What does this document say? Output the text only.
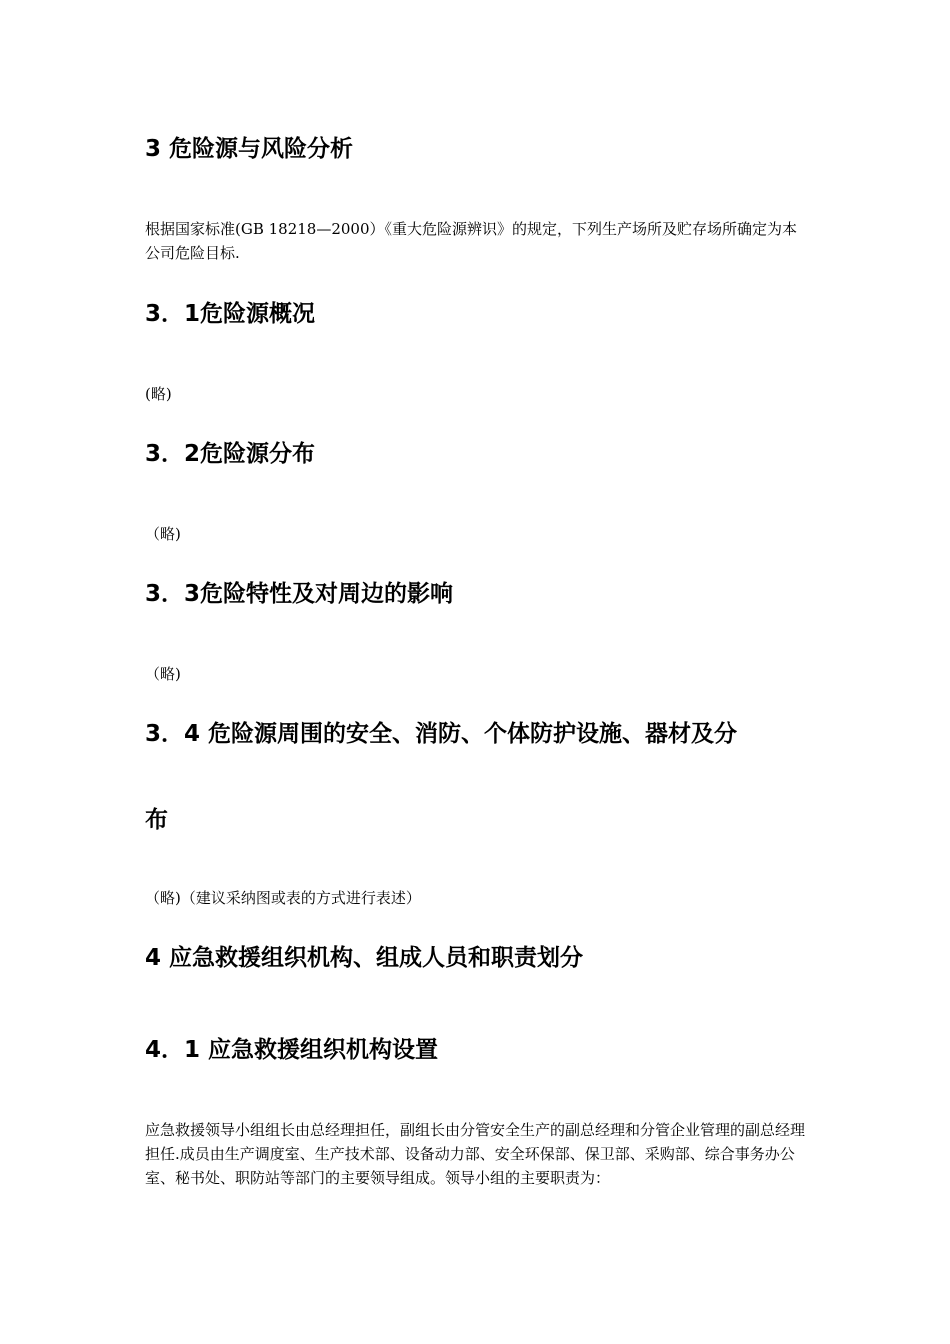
3 危险源与风险分析

根据国家标准(GB 18218—2000）《重大危险源辨识》的规定，下列生产场所及贮存场所确定为本公司危险目标.

3．1危险源概况

(略)

3．2危险源分布

（略)

3．3危险特性及对周边的影响

（略)

3．4 危险源周围的安全、消防、个体防护设施、器材及分
布

（略)（建议采纳图或表的方式进行表述）

4 应急救援组织机构、组成人员和职责划分
4．1 应急救援组织机构设置

应急救援领导小组组长由总经理担任，副组长由分管安全生产的副总经理和分管企业管理的副总经理担任.成员由生产调度室、生产技术部、设备动力部、安全环保部、保卫部、采购部、综合事务办公室、秘书处、职防站等部门的主要领导组成。领导小组的主要职责为：
